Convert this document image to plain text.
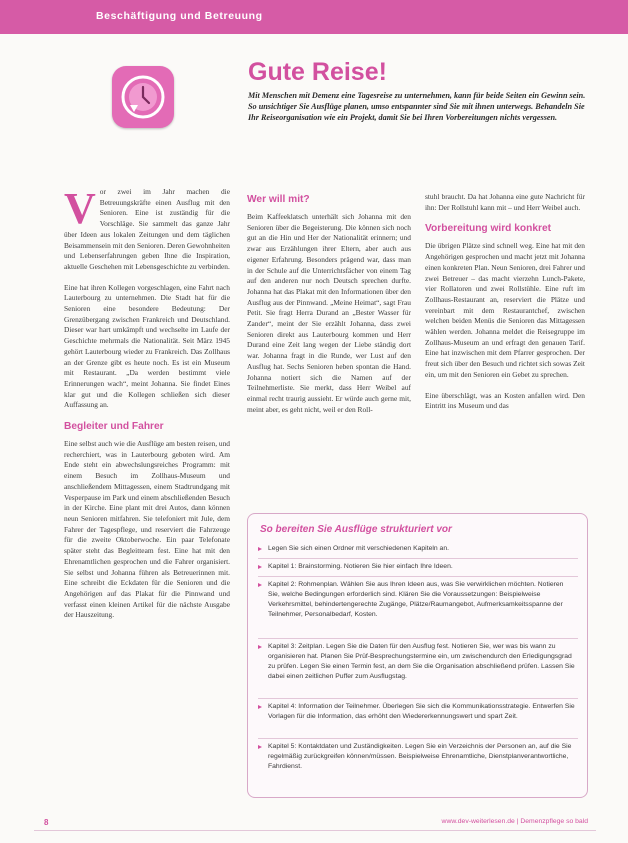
Beschäftigung und Betreuung
Gute Reise!
Mit Menschen mit Demenz eine Tagesreise zu unternehmen, kann für beide Seiten ein Gewinn sein. So unsichtiger Sie Ausflüge planen, umso entspannter sind Sie mit ihnen unterwegs. Behandeln Sie Ihr Reiseorganisation wie ein Projekt, damit Sie bei Ihren Vorbereitungen nichts vergessen.

Vor zwei im Jahr machen die Betreuungskräfte einen Ausflug mit den Senioren. Eine ist zuständig für die Vorschläge. Sie sammelt das ganze Jahr über Ideen aus lokalen Zeitungen und dem täglichen Beisammensein mit den Senioren. Deren Gewohnheiten und Lebenserfahrungen geben Ihne die Inspiration, aktuelle Geschehen mit Lebensgeschichte zu verbinden.

Eine hat ihren Kollegen vorgeschlagen, eine Fahrt nach Lauterbourg zu unternehmen. Die Stadt hat für die Senioren eine besondere Bedeutung: Der Grenzübergang zwischen Frankreich und Deutschland. Dieser war hart umkämpft und wechselte im Laufe der Geschichte mehrmals die Nationalität. Seit März 1945 gehört Lauterbourg wieder zu Frankreich. Das Zollhaus an der Grenze gibt es heute noch. Es ist ein Museum mit Restaurant. „Da werden bestimmt viele Erinnerungen wach“, meint Johanna. Sie findet Eines klar gut und die Kollegen schließen sich dieser Auffassung an.

Begleiter und Fahrer

Eine selbst auch wie die Ausflüge am besten reisen, und recherchiert, was in Lauterbourg geboten wird. Am Ende steht ein abwechslungsreiches Programm: mit einem Besuch im Zollhaus-Museum und anschließendem Mittagessen, einem Stadtrundgang mit Vesperpause im Park und einem abschließenden Besuch in der Kirche. Eine plant mit drei Autos, dann können neun Senioren mitfahren. Sie telefoniert mit Jule, dem Fahrer der Tagespflege, und reserviert die Fahrzeuge für die zweite Oktoberwoche. Ein paar Telefonate später steht das Begleitteam fest. Eine hat mit den Ehrenamtlichen gesprochen und die Fahrer organisiert. Sie selbst und Johanna führen als Betreuerinnen mit. Eine schreibt die Eckdaten für die Senioren und die Angehörigen auf das Plakat für die Pinnwand und verfasst einen kleinen Artikel für die nächste Ausgabe der Hauszeitung.

Wer will mit?

Beim Kaffeeklatsch unterhält sich Johanna mit den Senioren über die Begeisterung. Die können sich noch gut an die Hin und Her der Nationalität erinnern; und zwar aus Erzählungen ihrer Eltern, aber auch aus eigener Erfahrung. Besonders prägend war, dass man in der Schule auf die Unterrichtsfächer von einem Tag auf den anderen nur noch Deutsch sprechen durfte. Johanna hat das Plakat mit den Informationen über den Ausflug aus der Pinnwand. „Meine Heimat“, sagt Frau Petit. Sie fragt Herra Durand an „Bester Wasser für Zander“, meint der Sie erzählt Johanna, dass zwei Senioren direkt aus Lauterbourg kommen und Herr Durand eine Zeit lang wegen der Liebe ständig dort war. Johanna fragt in die Runde, wer Lust auf den Ausflug hat. Sechs Senioren heben spontan die Hand. Johanna notiert sich die Namen auf der Teilnehmerliste. Sie merkt, dass Herr Weibel auf einmal recht traurig aussieht. Er würde auch gerne mit, meint aber, es geht nicht, weil er den Roll-

stuhl braucht. Da hat Johanna eine gute Nachricht für ihn: Der Rollstuhl kann mit – und Herr Weibel auch.

Vorbereitung wird konkret

Die übrigen Plätze sind schnell weg. Eine hat mit den Angehörigen gesprochen und macht jetzt mit Johanna einen konkreten Plan. Neun Senioren, drei Fahrer und zwei Betreuer – das macht vierzehn Lunch-Pakete, vier Rollatoren und zwei Rollstühle. Eine ruft im Zollhaus-Restaurant an, reserviert die Plätze und vereinbart mit dem Restaurantchef, zwischen welchen beiden Menüs die Senioren das Mittagessen wählen werden. Johanna meldet die Reisegruppe im Zollhaus-Museum an und erfragt den genauen Tarif. Eine hat inzwischen mit dem Pfarrer gesprochen. Der freut sich über den Besuch und richtet sich sowas Zeit ein, um mit den Senioren ein Gebet zu sprechen.

Eine überschlägt, was an Kosten anfallen wird. Den Eintritt ins Museum und das

So bereiten Sie Ausflüge strukturiert vor
Legen Sie sich einen Ordner mit verschiedenen Kapiteln an.
Kapitel 1: Brainstorming. Notieren Sie hier einfach Ihre Ideen.
Kapitel 2: Rohmenplan. Wählen Sie aus Ihren Ideen aus, was Sie verwirklichen möchten. Notieren Sie, welche Bedingungen erforderlich sind. Klären Sie die Voraussetzungen: Beispielweise Verkehrsmittel, behindertengerechte Zugänge, Plätze/Raumangebot, Aufmerksamkeitsspanne der Teilnehmer, Personalbedarf, Kosten.
Kapitel 3: Zeitplan. Legen Sie die Daten für den Ausflug fest. Notieren Sie, wer was bis wann zu organisieren hat. Planen Sie Prüf-Besprechungstermine ein, um zwischendurch den Erledigungsgrad zu prüfen. Legen Sie einen Termin fest, an dem Sie die Organisation abschließend prüfen. Lassen Sie dabei einen zeitlichen Puffer zum Ausflugstag.
Kapitel 4: Information der Teilnehmer. Überlegen Sie sich die Kommunikationsstrategie. Entwerfen Sie Vorlagen für die Information, das erhöht den Wiedererkennungswert und spart Zeit.
Kapitel 5: Kontaktdaten und Zuständigkeiten. Legen Sie ein Verzeichnis der Personen an, auf die Sie regelmäßig zurückgreifen können/müssen. Beispielweise Ehrenamtliche, Dienstplanverantwortliche, Fahrdienst.
8	www.dev-weiterlesen.de | Demenzpflege so bald
